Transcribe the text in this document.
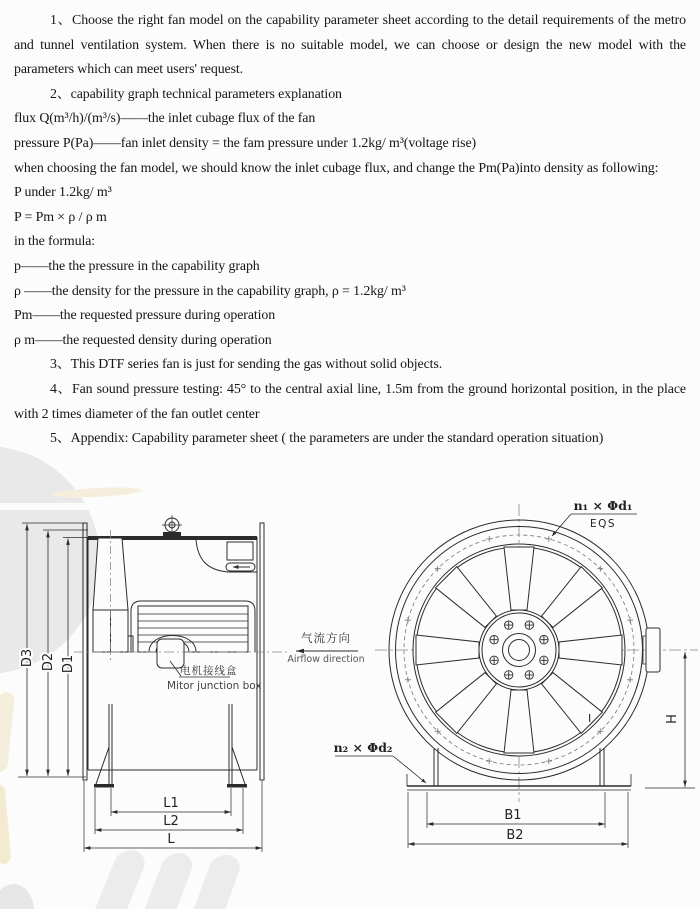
1、Choose the right fan model on the capability parameter sheet according to the detail requirements of the metro and tunnel ventilation system. When there is no suitable model, we can choose or design the new model with the parameters which can meet users' request.

2、capability graph technical parameters explanation

flux Q(m³/h)/(m³/s)——the inlet cubage flux of the fan

pressure P(Pa)——fan inlet density = the fam pressure under 1.2kg/ m³(voltage rise)

when choosing the fan model, we should know the inlet cubage flux, and change the Pm(Pa)into density as following:

P under 1.2kg/ m³

P = Pm × ρ / ρ m

in the formula:

p——the the pressure in the capability graph

ρ ——the density for the pressure in the capability graph, ρ = 1.2kg/ m³

Pm——the requested pressure during operation

ρ m——the requested density during operation

3、This DTF series fan is just for sending the gas without solid objects.

4、Fan sound pressure testing: 45° to the central axial line, 1.5m from the ground horizontal position, in the place with 2 times diameter of the fan outlet center

5、Appendix: Capability parameter sheet ( the parameters are under the standard operation situation)

D3 D2 D1
L1
L2
L
气流方向
Airflow direction
电机接线盒
Mitor junction box
n₁ × Φd₁
EQS
n₂ × Φd₂
B1
B2
H
I
